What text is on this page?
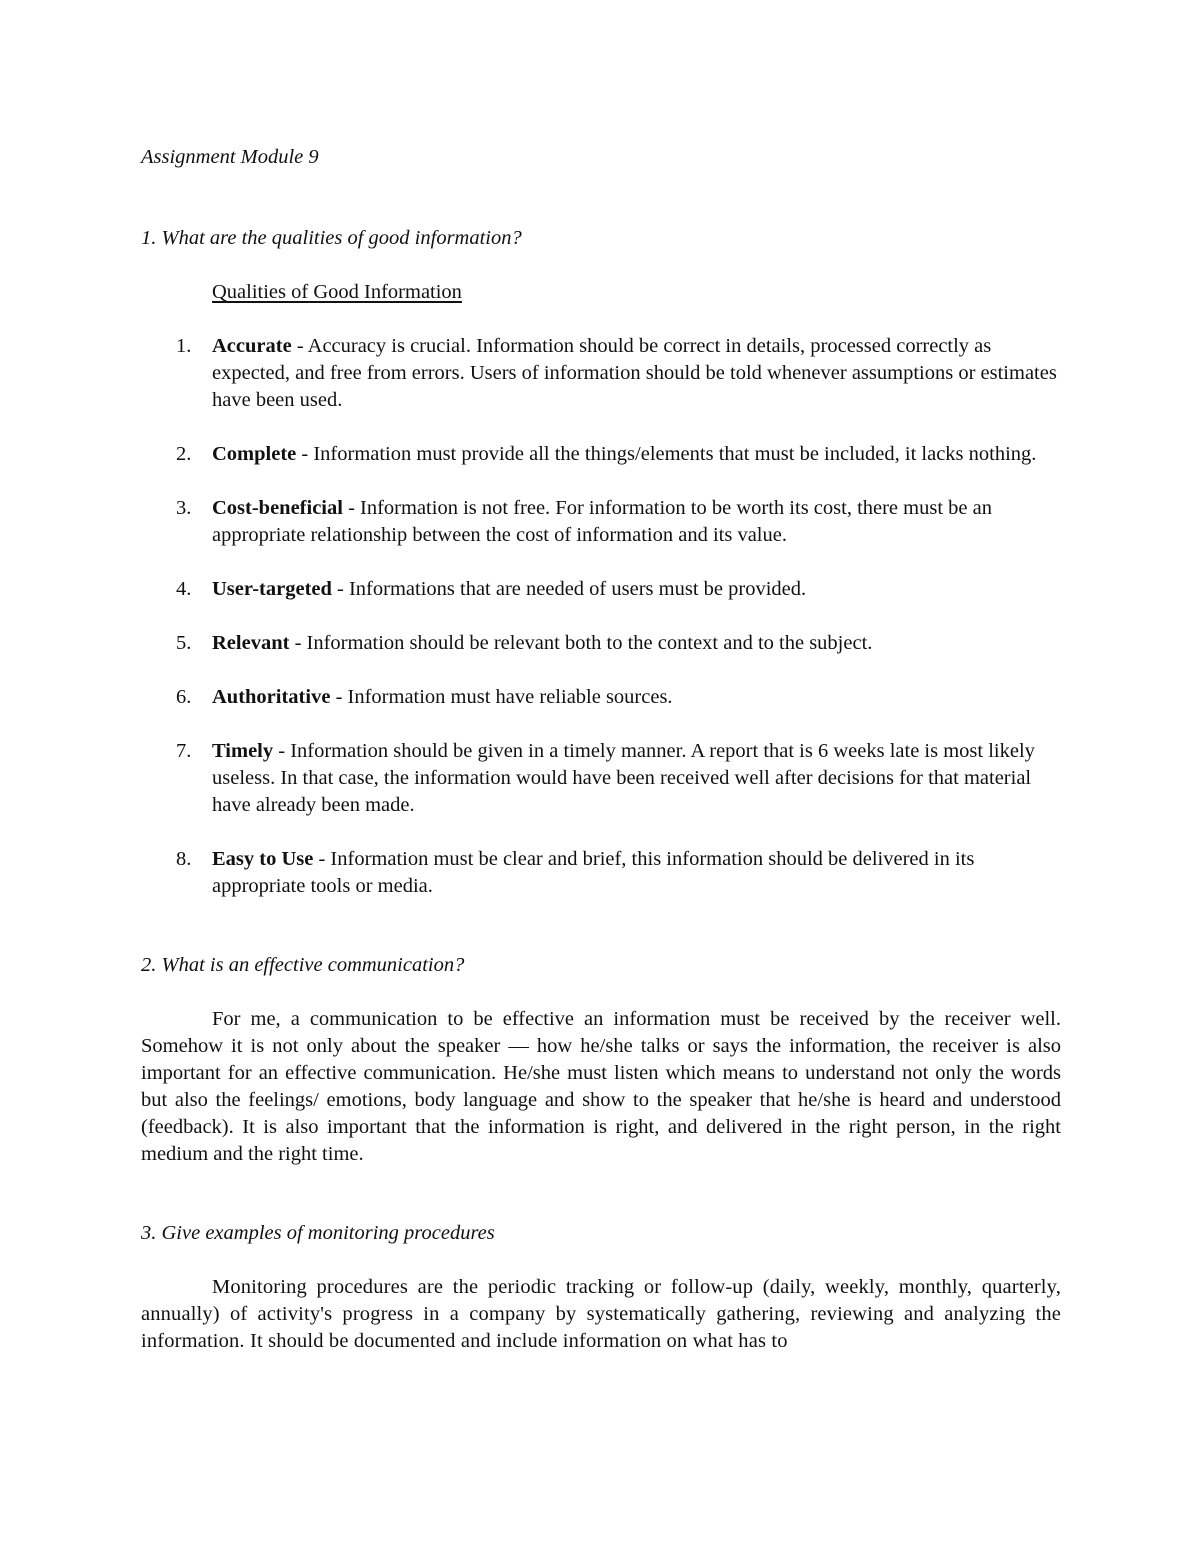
Assignment Module 9

1. What are the qualities of good information?

Qualities of Good Information

1. Accurate - Accuracy is crucial. Information should be correct in details, processed correctly as expected, and free from errors. Users of information should be told whenever assumptions or estimates have been used.
2. Complete - Information must provide all the things/elements that must be included, it lacks nothing.
3. Cost-beneficial - Information is not free. For information to be worth its cost, there must be an appropriate relationship between the cost of information and its value.
4. User-targeted - Informations that are needed of users must be provided.
5. Relevant - Information should be relevant both to the context and to the subject.
6. Authoritative - Information must have reliable sources.
7. Timely - Information should be given in a timely manner. A report that is 6 weeks late is most likely useless. In that case, the information would have been received well after decisions for that material have already been made.
8. Easy to Use - Information must be clear and brief, this information should be delivered in its appropriate tools or media.

2. What is an effective communication?

For me, a communication to be effective an information must be received by the receiver well. Somehow it is not only about the speaker — how he/she talks or says the information, the receiver is also important for an effective communication. He/she must listen which means to understand not only the words but also the feelings/ emotions, body language and show to the speaker that he/she is heard and understood (feedback). It is also important that the information is right, and delivered in the right person, in the right medium and the right time.

3. Give examples of monitoring procedures

Monitoring procedures are the periodic tracking or follow-up (daily, weekly, monthly, quarterly, annually) of activity's progress in a company by systematically gathering, reviewing and analyzing the information. It should be documented and include information on what has to
